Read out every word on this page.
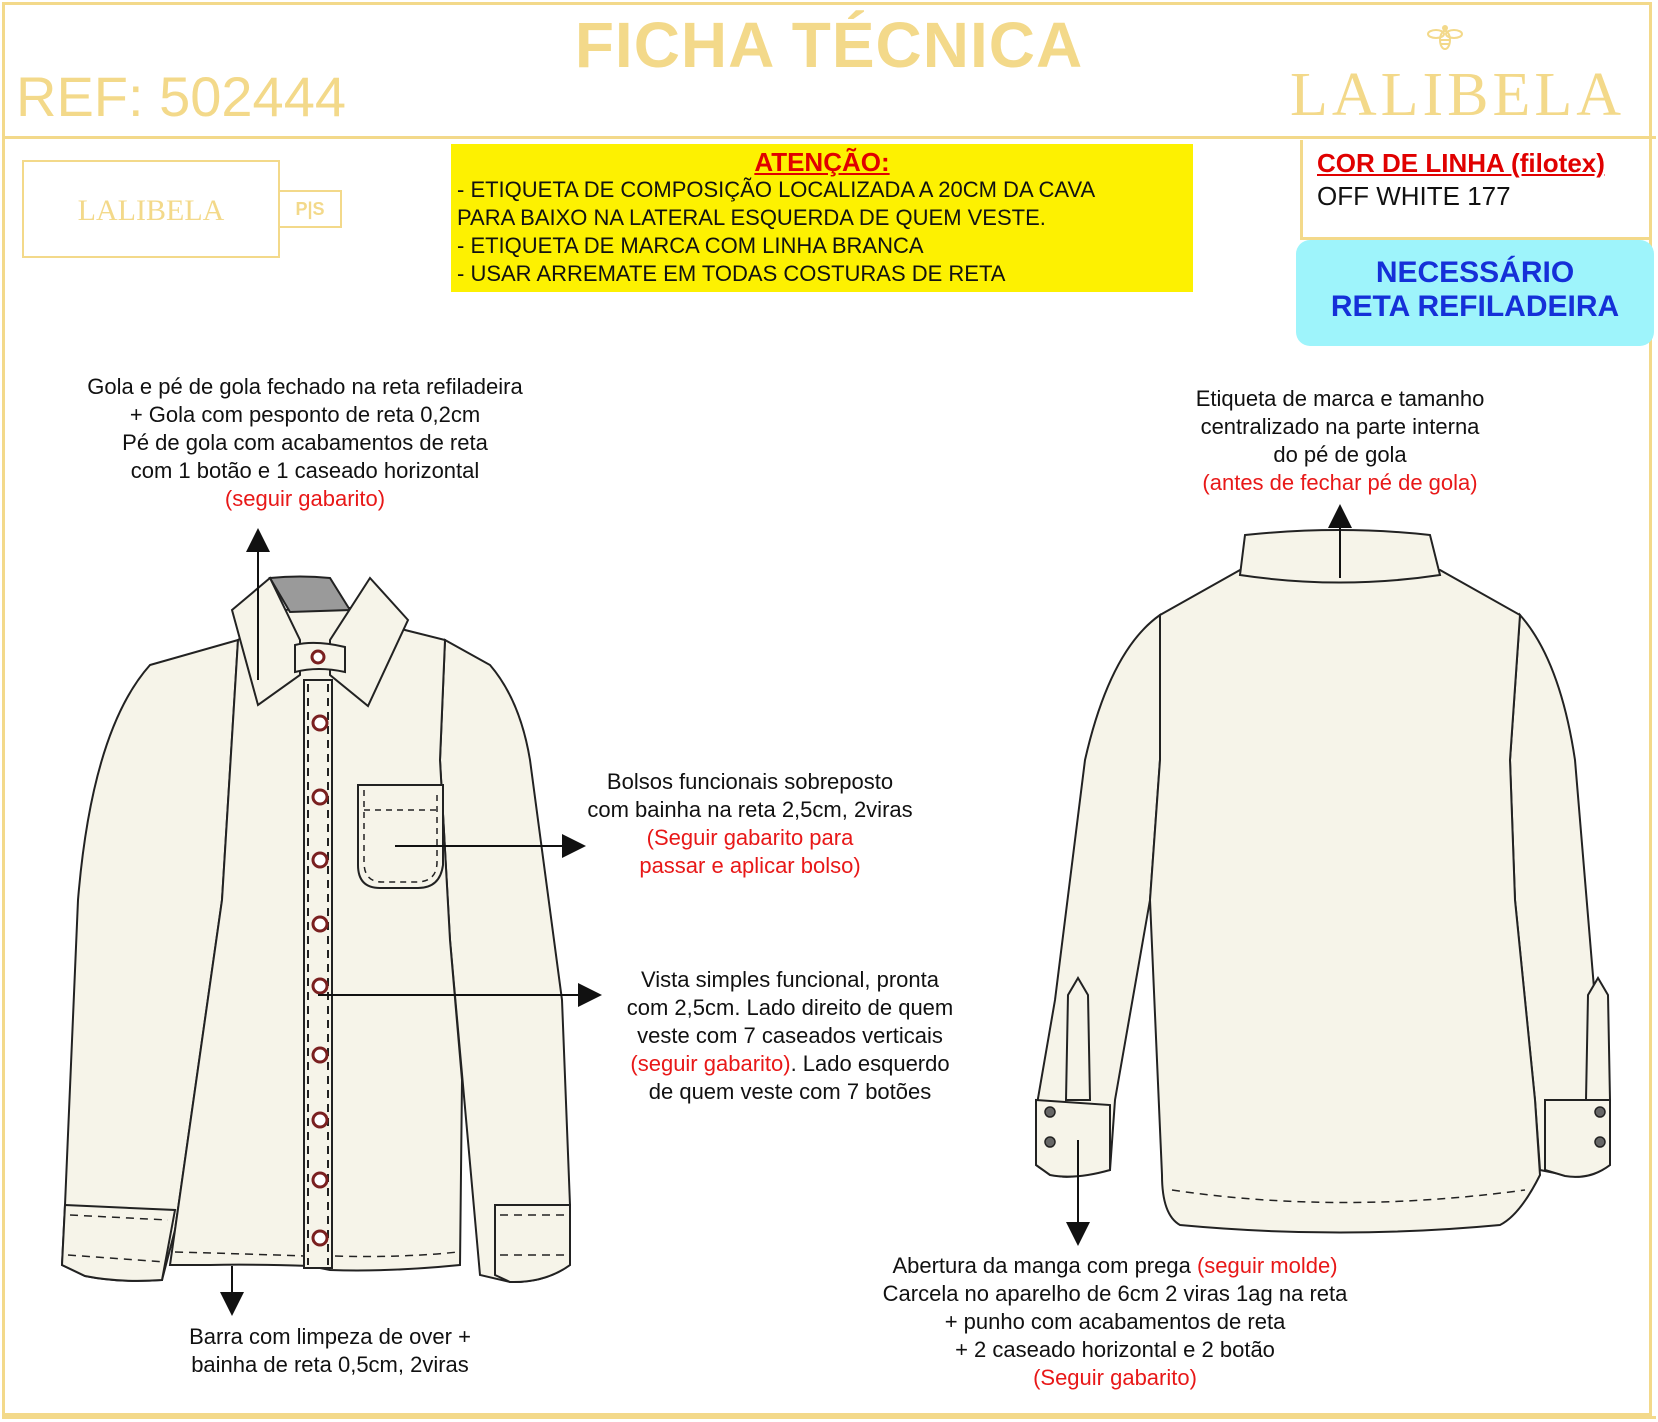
FICHA TÉCNICA
REF: 502444	LALIBELA
LALIBELA	P|S
ATENÇÃO:
- ETIQUETA DE COMPOSIÇÃO LOCALIZADA A 20CM DA CAVA
PARA BAIXO NA LATERAL ESQUERDA DE QUEM VESTE.
- ETIQUETA DE MARCA COM LINHA BRANCA
- USAR ARREMATE EM TODAS COSTURAS DE RETA
COR DE LINHA (filotex)
OFF WHITE 177
NECESSÁRIO
RETA REFILADEIRA
Gola e pé de gola fechado na reta refiladeira
+ Gola com pesponto de reta 0,2cm
Pé de gola com acabamentos de reta
com 1 botão e 1 caseado horizontal
(seguir gabarito)
Etiqueta de marca e tamanho
centralizado na parte interna
do pé de gola
(antes de fechar pé de gola)
Bolsos funcionais sobreposto
com bainha na reta 2,5cm, 2viras
(Seguir gabarito para
passar e aplicar bolso)
Vista simples funcional, pronta
com 2,5cm. Lado direito de quem
veste com 7 caseados verticais
(seguir gabarito). Lado esquerdo
de quem veste com 7 botões
Barra com limpeza de over +
bainha de reta 0,5cm, 2viras
Abertura da manga com prega (seguir molde)
Carcela no aparelho de 6cm 2 viras 1ag na reta
+ punho com acabamentos de reta
+ 2 caseado horizontal e 2 botão
(Seguir gabarito)
